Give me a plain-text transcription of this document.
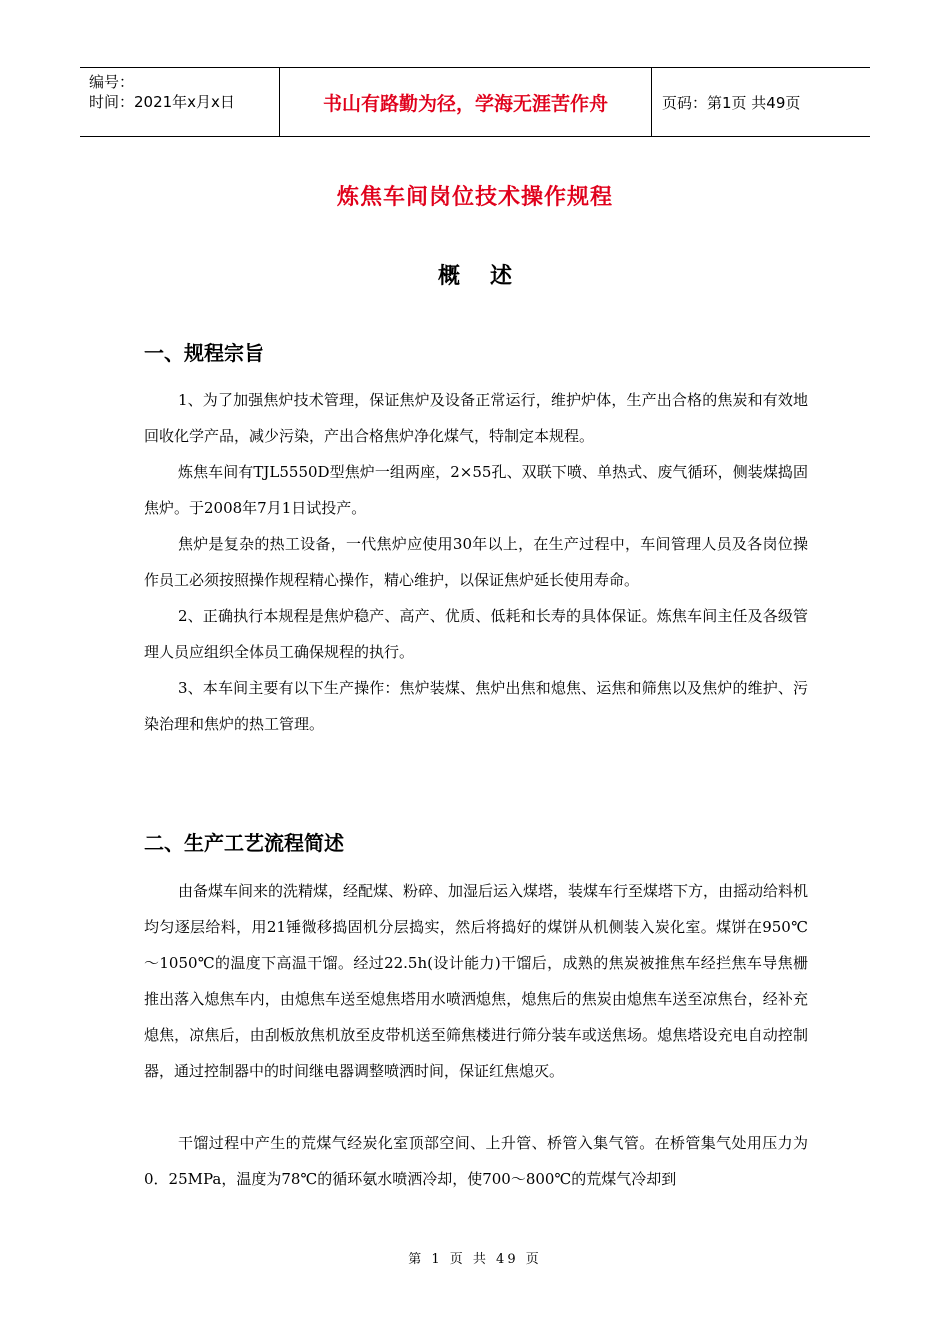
编号：
时间：2021年x月x日	书山有路勤为径，学海无涯苦作舟	页码：第1页 共49页
炼焦车间岗位技术操作规程
概述
一、规程宗旨

1、为了加强焦炉技术管理，保证焦炉及设备正常运行，维护炉体，生产出合格的焦炭和有效地回收化学产品，减少污染，产出合格焦炉净化煤气，特制定本规程。

炼焦车间有TJL5550D型焦炉一组两座，2×55孔、双联下喷、单热式、废气循环，侧装煤捣固焦炉。于2008年7月1日试投产。

焦炉是复杂的热工设备，一代焦炉应使用30年以上，在生产过程中，车间管理人员及各岗位操作员工必须按照操作规程精心操作，精心维护，以保证焦炉延长使用寿命。

2、正确执行本规程是焦炉稳产、高产、优质、低耗和长寿的具体保证。炼焦车间主任及各级管理人员应组织全体员工确保规程的执行。

3、本车间主要有以下生产操作：焦炉装煤、焦炉出焦和熄焦、运焦和筛焦以及焦炉的维护、污染治理和焦炉的热工管理。

二、生产工艺流程简述

由备煤车间来的洗精煤，经配煤、粉碎、加湿后运入煤塔，装煤车行至煤塔下方，由摇动给料机均匀逐层给料，用21锤微移捣固机分层捣实，然后将捣好的煤饼从机侧装入炭化室。煤饼在950℃～1050℃的温度下高温干馏。经过22.5h(设计能力)干馏后，成熟的焦炭被推焦车经拦焦车导焦栅推出落入熄焦车内，由熄焦车送至熄焦塔用水喷洒熄焦，熄焦后的焦炭由熄焦车送至凉焦台，经补充熄焦，凉焦后，由刮板放焦机放至皮带机送至筛焦楼进行筛分装车或送焦场。熄焦塔设充电自动控制器，通过控制器中的时间继电器调整喷洒时间，保证红焦熄灭。

干馏过程中产生的荒煤气经炭化室顶部空间、上升管、桥管入集气管。在桥管集气处用压力为0．25MPa，温度为78℃的循环氨水喷洒冷却，使700～800℃的荒煤气冷却到

第 1 页 共 49 页
